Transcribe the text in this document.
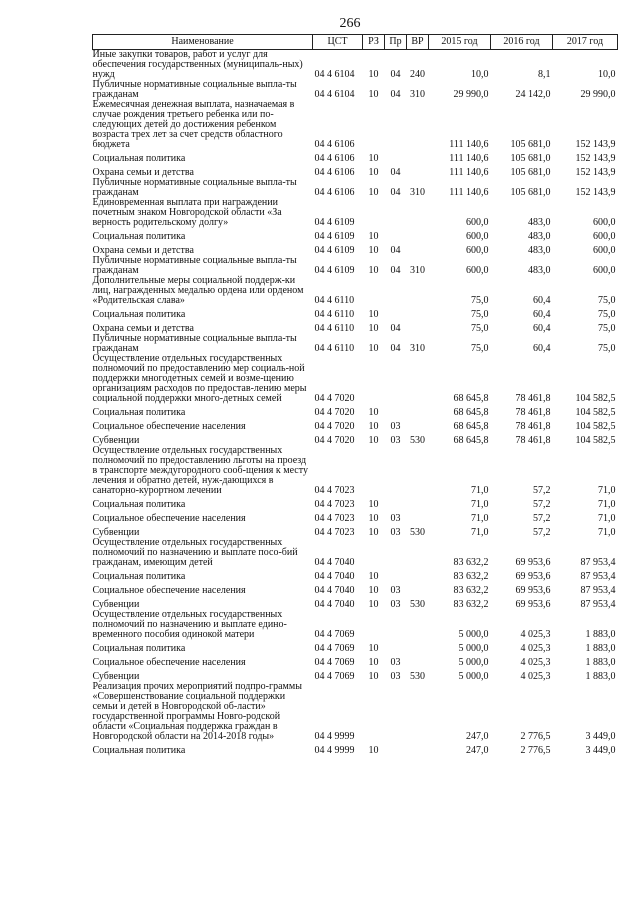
266
Наименование	ЦСТ	РЗ	Пр	ВР	2015 год	2016 год	2017 год
Иные закупки товаров, работ и услуг для обеспечения государственных (муниципаль-ных) нужд	04 4 6104	10	04	240	10,0	8,1	10,0
Публичные нормативные социальные выпла-ты гражданам	04 4 6104	10	04	310	29 990,0	24 142,0	29 990,0
Ежемесячная денежная выплата, назначаемая в случае рождения третьего ребенка или по-следующих детей до достижения ребенком возраста трех лет за счет средств областного бюджета	04 4 6106				111 140,6	105 681,0	152 143,9
Социальная политика	04 4 6106	10			111 140,6	105 681,0	152 143,9
Охрана семьи и детства	04 4 6106	10	04		111 140,6	105 681,0	152 143,9
Публичные нормативные социальные выпла-ты гражданам	04 4 6106	10	04	310	111 140,6	105 681,0	152 143,9
Единовременная выплата при награждении почетным знаком Новгородской области «За верность родительскому долгу»	04 4 6109				600,0	483,0	600,0
Социальная политика	04 4 6109	10			600,0	483,0	600,0
Охрана семьи и детства	04 4 6109	10	04		600,0	483,0	600,0
Публичные нормативные социальные выпла-ты гражданам	04 4 6109	10	04	310	600,0	483,0	600,0
Дополнительные меры социальной поддерж-ки лиц, награжденных медалью ордена или орденом «Родительская слава»	04 4 6110				75,0	60,4	75,0
Социальная политика	04 4 6110	10			75,0	60,4	75,0
Охрана семьи и детства	04 4 6110	10	04		75,0	60,4	75,0
Публичные нормативные социальные выпла-ты гражданам	04 4 6110	10	04	310	75,0	60,4	75,0
Осуществление отдельных государственных полномочий по предоставлению мер социаль-ной поддержки многодетных семей и возме-щению организациям расходов по предостав-лению меры социальной поддержки много-детных семей	04 4 7020				68 645,8	78 461,8	104 582,5
Социальная политика	04 4 7020	10			68 645,8	78 461,8	104 582,5
Социальное обеспечение населения	04 4 7020	10	03		68 645,8	78 461,8	104 582,5
Субвенции	04 4 7020	10	03	530	68 645,8	78 461,8	104 582,5
Осуществление отдельных государственных полномочий по предоставлению льготы на проезд в транспорте междугородного сооб-щения к месту лечения и обратно детей, нуж-дающихся в санаторно-курортном лечении	04 4 7023				71,0	57,2	71,0
Социальная политика	04 4 7023	10			71,0	57,2	71,0
Социальное обеспечение населения	04 4 7023	10	03		71,0	57,2	71,0
Субвенции	04 4 7023	10	03	530	71,0	57,2	71,0
Осуществление отдельных государственных полномочий по назначению и выплате посо-бий гражданам, имеющим детей	04 4 7040				83 632,2	69 953,6	87 953,4
Социальная политика	04 4 7040	10			83 632,2	69 953,6	87 953,4
Социальное обеспечение населения	04 4 7040	10	03		83 632,2	69 953,6	87 953,4
Субвенции	04 4 7040	10	03	530	83 632,2	69 953,6	87 953,4
Осуществление отдельных государственных полномочий по назначению и выплате едино-временного пособия одинокой матери	04 4 7069				5 000,0	4 025,3	1 883,0
Социальная политика	04 4 7069	10			5 000,0	4 025,3	1 883,0
Социальное обеспечение населения	04 4 7069	10	03		5 000,0	4 025,3	1 883,0
Субвенции	04 4 7069	10	03	530	5 000,0	4 025,3	1 883,0
Реализация прочих мероприятий подпро-граммы «Совершенствование социальной поддержки семьи и детей в Новгородской об-ласти» государственной программы Новго-родской области «Социальная поддержка граждан в Новгородской области на 2014-2018 годы»	04 4 9999				247,0	2 776,5	3 449,0
Социальная политика	04 4 9999	10			247,0	2 776,5	3 449,0
